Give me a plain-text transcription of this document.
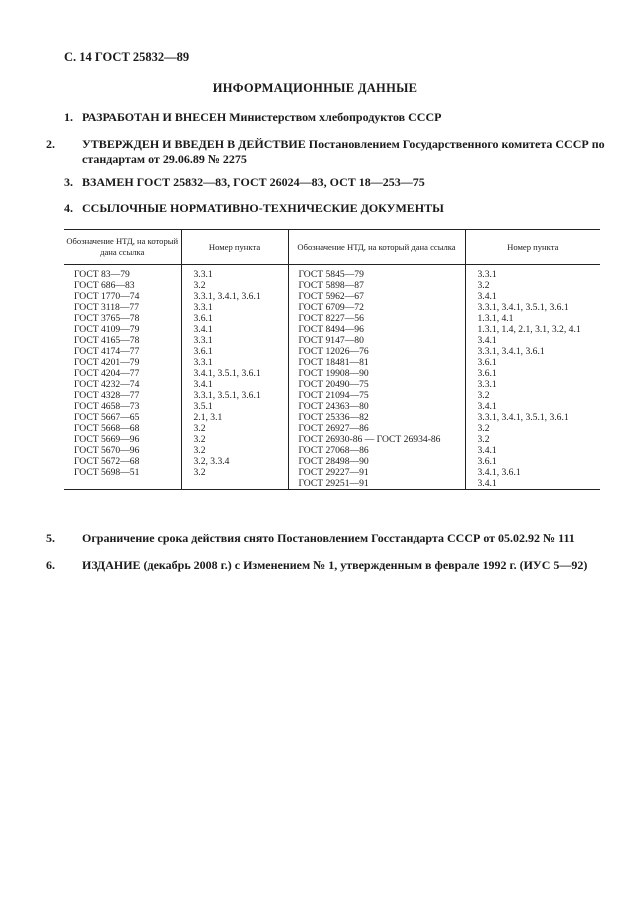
С. 14 ГОСТ 25832—89
ИНФОРМАЦИОННЫЕ ДАННЫЕ
1. РАЗРАБОТАН И ВНЕСЕН Министерством хлебопродуктов СССР
2. УТВЕРЖДЕН И ВВЕДЕН В ДЕЙСТВИЕ Постановлением Государственного комитета СССР по стандартам от 29.06.89 № 2275
3. ВЗАМЕН ГОСТ 25832—83, ГОСТ 26024—83, ОСТ 18—253—75
4. ССЫЛОЧНЫЕ НОРМАТИВНО-ТЕХНИЧЕСКИЕ ДОКУМЕНТЫ
Обозначение НТД, на который дана ссылка	Номер пункта	Обозначение НТД, на который дана ссылка	Номер пункта
ГОСТ 83—79	3.3.1	ГОСТ 5845—79	3.3.1
ГОСТ 686—83	3.2	ГОСТ 5898—87	3.2
ГОСТ 1770—74	3.3.1, 3.4.1, 3.6.1	ГОСТ 5962—67	3.4.1
ГОСТ 3118—77	3.3.1	ГОСТ 6709—72	3.3.1, 3.4.1, 3.5.1, 3.6.1
ГОСТ 3765—78	3.6.1	ГОСТ 8227—56	1.3.1, 4.1
ГОСТ 4109—79	3.4.1	ГОСТ 8494—96	1.3.1, 1.4, 2.1, 3.1, 3.2, 4.1
ГОСТ 4165—78	3.3.1	ГОСТ 9147—80	3.4.1
ГОСТ 4174—77	3.6.1	ГОСТ 12026—76	3.3.1, 3.4.1, 3.6.1
ГОСТ 4201—79	3.3.1	ГОСТ 18481—81	3.6.1
ГОСТ 4204—77	3.4.1, 3.5.1, 3.6.1	ГОСТ 19908—90	3.6.1
ГОСТ 4232—74	3.4.1	ГОСТ 20490—75	3.3.1
ГОСТ 4328—77	3.3.1, 3.5.1, 3.6.1	ГОСТ 21094—75	3.2
ГОСТ 4658—73	3.5.1	ГОСТ 24363—80	3.4.1
ГОСТ 5667—65	2.1, 3.1	ГОСТ 25336—82	3.3.1, 3.4.1, 3.5.1, 3.6.1
ГОСТ 5668—68	3.2	ГОСТ 26927—86	3.2
ГОСТ 5669—96	3.2	ГОСТ 26930-86 — ГОСТ 26934-86	3.2
ГОСТ 5670—96	3.2	ГОСТ 27068—86	3.4.1
ГОСТ 5672—68	3.2, 3.3.4	ГОСТ 28498—90	3.6.1
ГОСТ 5698—51	3.2	ГОСТ 29227—91	3.4.1, 3.6.1
		ГОСТ 29251—91	3.4.1
5. Ограничение срока действия снято Постановлением Госстандарта СССР от 05.02.92 № 111
6. ИЗДАНИЕ (декабрь 2008 г.) с Изменением № 1, утвержденным в феврале 1992 г. (ИУС 5—92)
